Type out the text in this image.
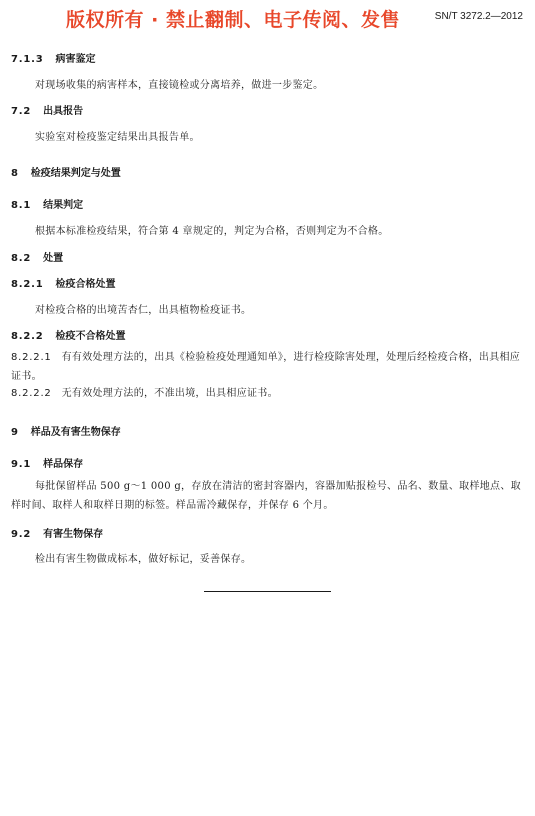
版权所有 · 禁止翻制、电子传阅、发售	SN/T 3272.2—2012
7.1.3 病害鉴定
对现场收集的病害样本，直接镜检或分离培养，做进一步鉴定。
7.2 出具报告
实验室对检疫鉴定结果出具报告单。
8 检疫结果判定与处置
8.1 结果判定
根据本标准检疫结果，符合第 4 章规定的，判定为合格，否则判定为不合格。
8.2 处置
8.2.1 检疫合格处置
对检疫合格的出境苦杏仁，出具植物检疫证书。
8.2.2 检疫不合格处置
8.2.2.1 有有效处理方法的，出具《检验检疫处理通知单》，进行检疫除害处理，处理后经检疫合格，出具相应证书。
8.2.2.2 无有效处理方法的，不准出境，出具相应证书。
9 样品及有害生物保存
9.1 样品保存
每批保留样品 500 g～1 000 g，存放在清洁的密封容器内，容器加贴报检号、品名、数量、取样地点、取样时间、取样人和取样日期的标签。样品需冷藏保存，并保存 6 个月。
9.2 有害生物保存
检出有害生物做成标本，做好标记，妥善保存。
